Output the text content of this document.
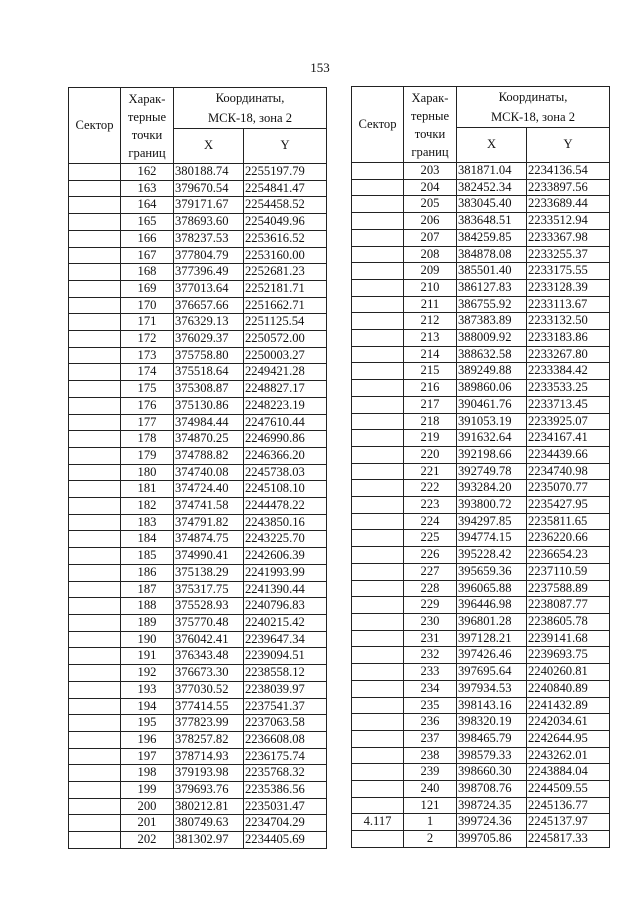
153
Сектор	Харак-
терные
точки
границ	Координаты,
МСК-18, зона 2	
		X	Y
	162	380188.74	2255197.79
	163	379670.54	2254841.47
	164	379171.67	2254458.52
	165	378693.60	2254049.96
	166	378237.53	2253616.52
	167	377804.79	2253160.00
	168	377396.49	2252681.23
	169	377013.64	2252181.71
	170	376657.66	2251662.71
	171	376329.13	2251125.54
	172	376029.37	2250572.00
	173	375758.80	2250003.27
	174	375518.64	2249421.28
	175	375308.87	2248827.17
	176	375130.86	2248223.19
	177	374984.44	2247610.44
	178	374870.25	2246990.86
	179	374788.82	2246366.20
	180	374740.08	2245738.03
	181	374724.40	2245108.10
	182	374741.58	2244478.22
	183	374791.82	2243850.16
	184	374874.75	2243225.70
	185	374990.41	2242606.39
	186	375138.29	2241993.99
	187	375317.75	2241390.44
	188	375528.93	2240796.83
	189	375770.48	2240215.42
	190	376042.41	2239647.34
	191	376343.48	2239094.51
	192	376673.30	2238558.12
	193	377030.52	2238039.97
	194	377414.55	2237541.37
	195	377823.99	2237063.58
	196	378257.82	2236608.08
	197	378714.93	2236175.74
	198	379193.98	2235768.32
	199	379693.76	2235386.56
	200	380212.81	2235031.47
	201	380749.63	2234704.29
	202	381302.97	2234405.69
Сектор	Харак-
терные
точки
границ	Координаты,
МСК-18, зона 2	
		X	Y
	203	381871.04	2234136.54
	204	382452.34	2233897.56
	205	383045.40	2233689.44
	206	383648.51	2233512.94
	207	384259.85	2233367.98
	208	384878.08	2233255.37
	209	385501.40	2233175.55
	210	386127.83	2233128.39
	211	386755.92	2233113.67
	212	387383.89	2233132.50
	213	388009.92	2233183.86
	214	388632.58	2233267.80
	215	389249.88	2233384.42
	216	389860.06	2233533.25
	217	390461.76	2233713.45
	218	391053.19	2233925.07
	219	391632.64	2234167.41
	220	392198.66	2234439.66
	221	392749.78	2234740.98
	222	393284.20	2235070.77
	223	393800.72	2235427.95
	224	394297.85	2235811.65
	225	394774.15	2236220.66
	226	395228.42	2236654.23
	227	395659.36	2237110.59
	228	396065.88	2237588.89
	229	396446.98	2238087.77
	230	396801.28	2238605.78
	231	397128.21	2239141.68
	232	397426.46	2239693.75
	233	397695.64	2240260.81
	234	397934.53	2240840.89
	235	398143.16	2241432.89
	236	398320.19	2242034.61
	237	398465.79	2242644.95
	238	398579.33	2243262.01
	239	398660.30	2243884.04
	240	398708.76	2244509.55
	121	398724.35	2245136.77
4.117	1	399724.36	2245137.97
	2	399705.86	2245817.33
